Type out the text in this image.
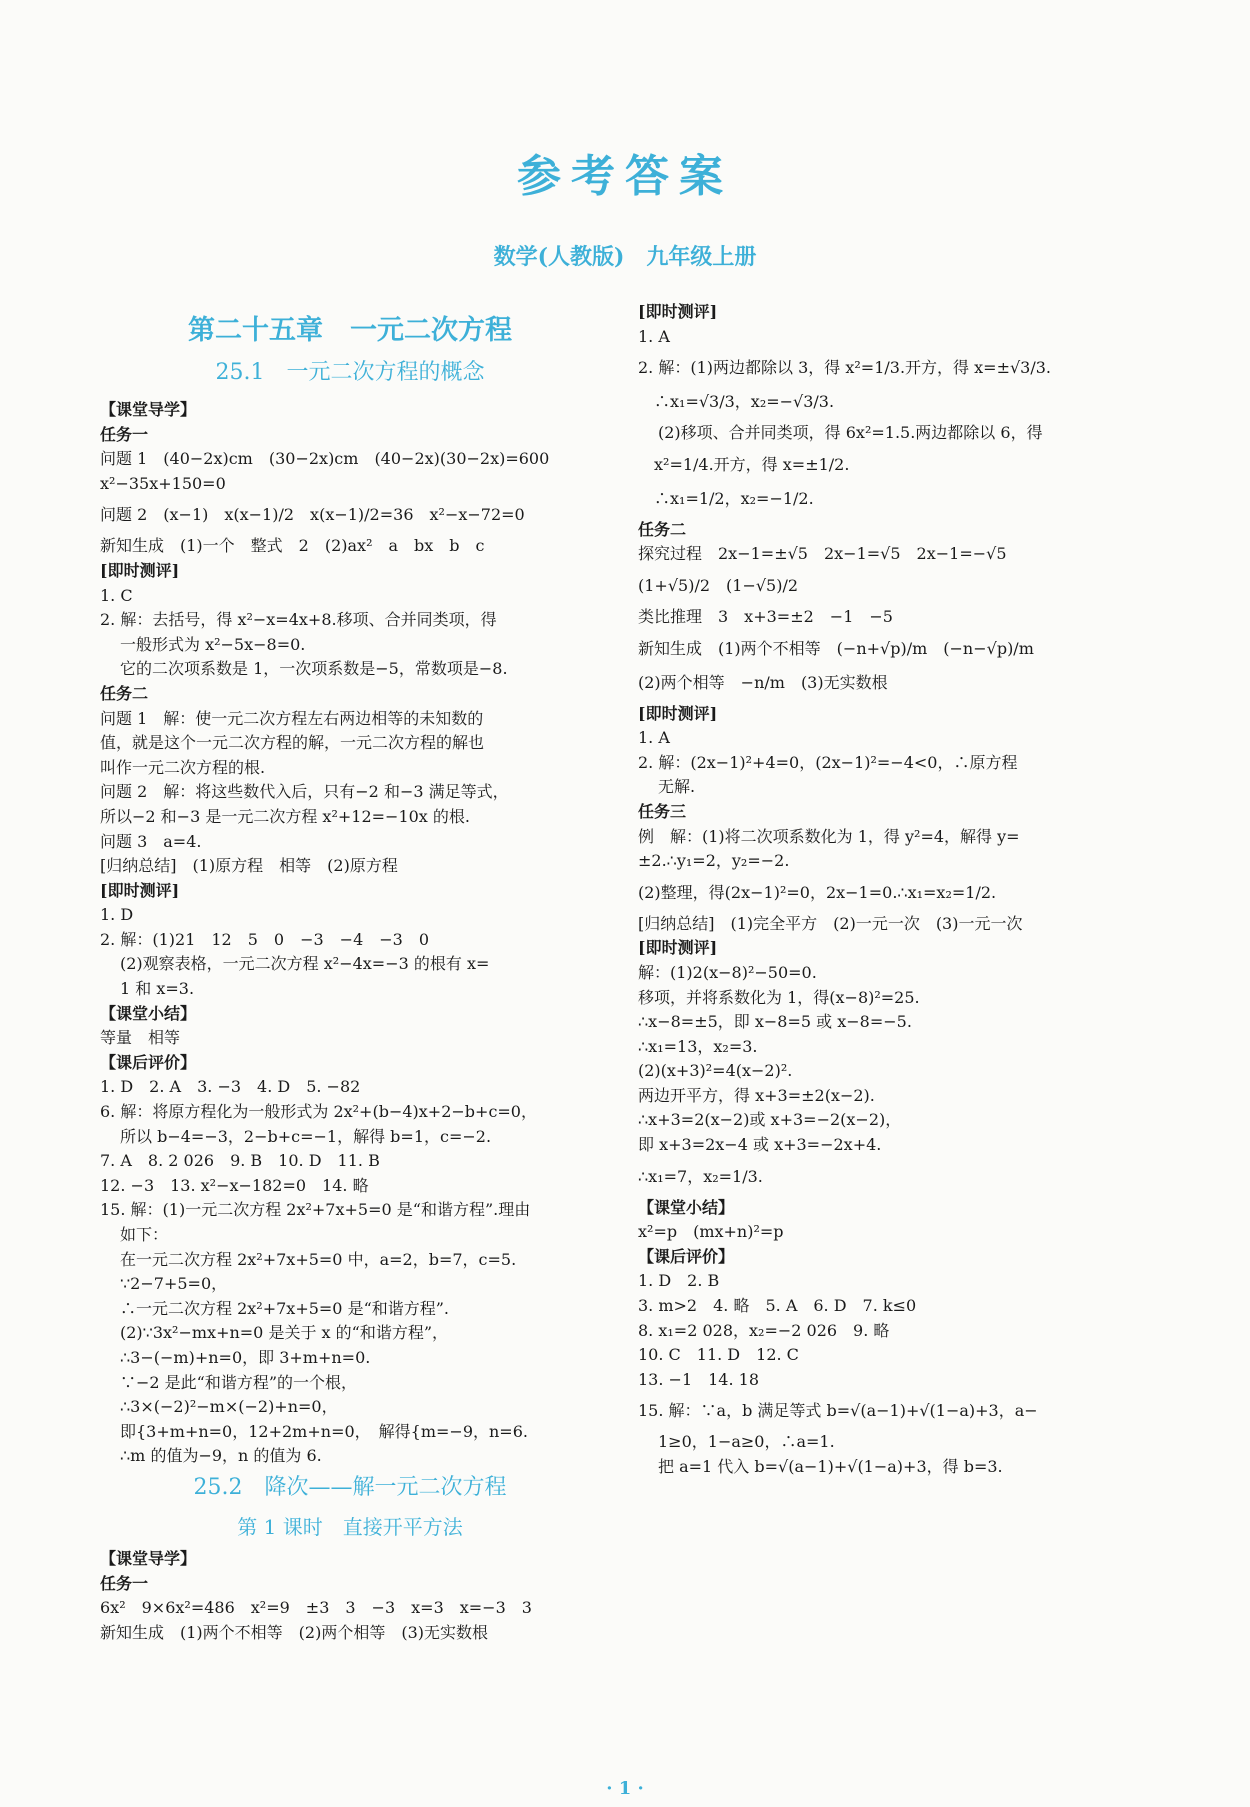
参考答案
数学(人教版)　九年级上册
第二十五章　一元二次方程
25.1　一元二次方程的概念
【课堂导学】
任务一
问题 1　(40−2x)cm　(30−2x)cm　(40−2x)(30−2x)=600
x²−35x+150=0
问题 2　(x−1)　x(x−1)/2　x(x−1)/2=36　x²−x−72=0
新知生成　(1)一个　整式　2　(2)ax²　a　bx　b　c
[即时测评]
1. C
2. 解：去括号，得 x²−x=4x+8.移项、合并同类项，得
一般形式为 x²−5x−8=0.
它的二次项系数是 1，一次项系数是−5，常数项是−8.
任务二
问题 1　解：使一元二次方程左右两边相等的未知数的
值，就是这个一元二次方程的解，一元二次方程的解也
叫作一元二次方程的根.
问题 2　解：将这些数代入后，只有−2 和−3 满足等式，
所以−2 和−3 是一元二次方程 x²+12=−10x 的根.
问题 3　a=4.
[归纳总结]　(1)原方程　相等　(2)原方程
[即时测评]
1. D
2. 解：(1)21　12　5　0　−3　−4　−3　0
(2)观察表格，一元二次方程 x²−4x=−3 的根有 x=
1 和 x=3.
【课堂小结】
等量　相等
【课后评价】
1. D　2. A　3. −3　4. D　5. −82
6. 解：将原方程化为一般形式为 2x²+(b−4)x+2−b+c=0，
所以 b−4=−3，2−b+c=−1，解得 b=1，c=−2.
7. A　8. 2 026　9. B　10. D　11. B
12. −3　13. x²−x−182=0　14. 略
15. 解：(1)一元二次方程 2x²+7x+5=0 是“和谐方程”.理由
如下：
在一元二次方程 2x²+7x+5=0 中，a=2，b=7，c=5.
∵2−7+5=0，
∴一元二次方程 2x²+7x+5=0 是“和谐方程”.
(2)∵3x²−mx+n=0 是关于 x 的“和谐方程”，
∴3−(−m)+n=0，即 3+m+n=0.
∵−2 是此“和谐方程”的一个根，
∴3×(−2)²−m×(−2)+n=0，
即{3+m+n=0，12+2m+n=0，　解得{m=−9，n=6.
∴m 的值为−9，n 的值为 6.
25.2　降次——解一元二次方程
第 1 课时　直接开平方法
【课堂导学】
任务一
6x²　9×6x²=486　x²=9　±3　3　−3　x=3　x=−3　3
新知生成　(1)两个不相等　(2)两个相等　(3)无实数根
[即时测评]
1. A
2. 解：(1)两边都除以 3，得 x²=1/3.开方，得 x=±√3/3.
　∴x₁=√3/3，x₂=−√3/3.
(2)移项、合并同类项，得 6x²=1.5.两边都除以 6，得
　x²=1/4.开方，得 x=±1/2.
　∴x₁=1/2，x₂=−1/2.
任务二
探究过程　2x−1=±√5　2x−1=√5　2x−1=−√5
(1+√5)/2　(1−√5)/2
类比推理　3　x+3=±2　−1　−5
新知生成　(1)两个不相等　(−n+√p)/m　(−n−√p)/m
(2)两个相等　−n/m　(3)无实数根
[即时测评]
1. A
2. 解：(2x−1)²+4=0，(2x−1)²=−4<0，∴原方程
无解.
任务三
例　解：(1)将二次项系数化为 1，得 y²=4，解得 y=
±2.∴y₁=2，y₂=−2.
(2)整理，得(2x−1)²=0，2x−1=0.∴x₁=x₂=1/2.
[归纳总结]　(1)完全平方　(2)一元一次　(3)一元一次
[即时测评]
解：(1)2(x−8)²−50=0.
移项，并将系数化为 1，得(x−8)²=25.
∴x−8=±5，即 x−8=5 或 x−8=−5.
∴x₁=13，x₂=3.
(2)(x+3)²=4(x−2)².
两边开平方，得 x+3=±2(x−2).
∴x+3=2(x−2)或 x+3=−2(x−2)，
即 x+3=2x−4 或 x+3=−2x+4.
∴x₁=7，x₂=1/3.
【课堂小结】
x²=p　(mx+n)²=p
【课后评价】
1. D　2. B
3. m>2　4. 略　5. A　6. D　7. k≤0
8. x₁=2 028，x₂=−2 026　9. 略
10. C　11. D　12. C
13. −1　14. 18
15. 解：∵a，b 满足等式 b=√(a−1)+√(1−a)+3，a−
1≥0，1−a≥0，∴a=1.
把 a=1 代入 b=√(a−1)+√(1−a)+3，得 b=3.
· 1 ·
